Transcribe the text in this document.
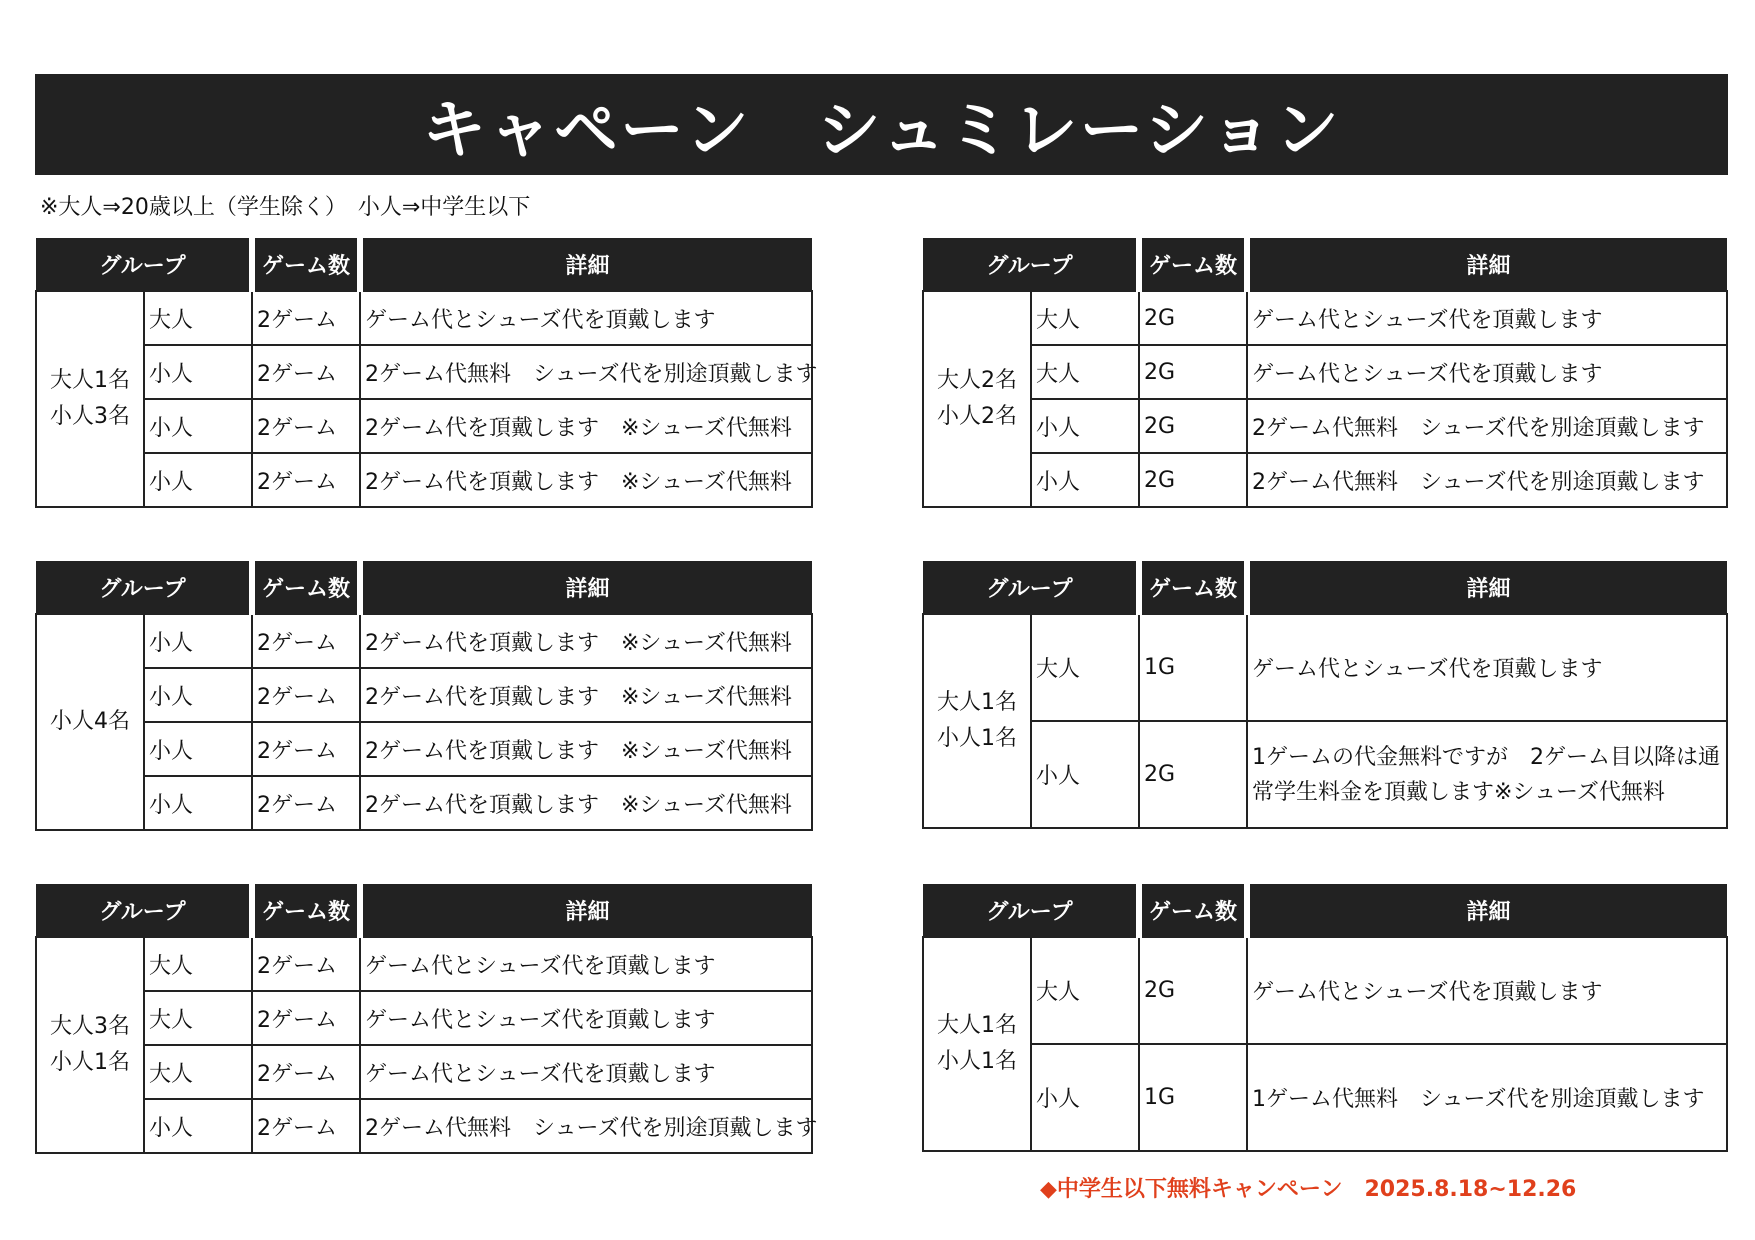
キャペーン　シュミレーション
※大人⇒20歳以上（学生除く）　小人⇒中学生以下
グループ		ゲーム数	詳細
大人1名
小人3名	大人	2ゲーム	ゲーム代とシューズ代を頂戴します
	小人	2ゲーム	2ゲーム代無料　シューズ代を別途頂戴します
	小人	2ゲーム	2ゲーム代を頂戴します　※シューズ代無料
	小人	2ゲーム	2ゲーム代を頂戴します　※シューズ代無料
グループ		ゲーム数	詳細
大人2名
小人2名	大人	2G	ゲーム代とシューズ代を頂戴します
	大人	2G	ゲーム代とシューズ代を頂戴します
	小人	2G	2ゲーム代無料　シューズ代を別途頂戴します
	小人	2G	2ゲーム代無料　シューズ代を別途頂戴します
グループ		ゲーム数	詳細
小人4名	小人	2ゲーム	2ゲーム代を頂戴します　※シューズ代無料
	小人	2ゲーム	2ゲーム代を頂戴します　※シューズ代無料
	小人	2ゲーム	2ゲーム代を頂戴します　※シューズ代無料
	小人	2ゲーム	2ゲーム代を頂戴します　※シューズ代無料
グループ		ゲーム数	詳細
大人1名
小人1名	大人	1G	ゲーム代とシューズ代を頂戴します
	小人	2G	1ゲームの代金無料ですが　2ゲーム目以降は通常学生料金を頂戴します※シューズ代無料
グループ		ゲーム数	詳細
大人3名
小人1名	大人	2ゲーム	ゲーム代とシューズ代を頂戴します
	大人	2ゲーム	ゲーム代とシューズ代を頂戴します
	大人	2ゲーム	ゲーム代とシューズ代を頂戴します
	小人	2ゲーム	2ゲーム代無料　シューズ代を別途頂戴します
グループ		ゲーム数	詳細
大人1名
小人1名	大人	2G	ゲーム代とシューズ代を頂戴します
	小人	1G	1ゲーム代無料　シューズ代を別途頂戴します
◆中学生以下無料キャンペーン　2025.8.18~12.26
